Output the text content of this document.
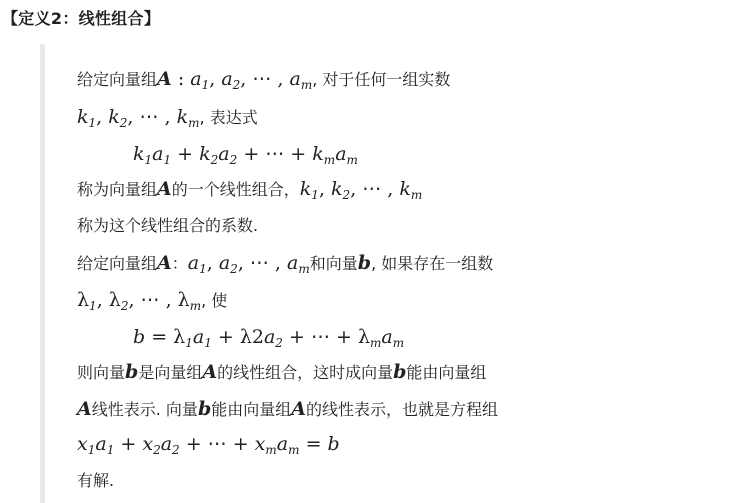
【定义2：线性组合】
给定向量组A : $a_1$, $a_2$, ⋯ , $a_m$, 对于任何一组实数
$k_1$, $k_2$, ⋯ , $k_m$, 表达式
$k_1a_1 + k_2a_2$ + ⋯ + $k_ma_m$
称为向量组A的一个线性组合，$k_1$, $k_2$, ⋯ , $k_m$
称为这个线性组合的系数.
给定向量组A：$a_1$, $a_2$, ⋯ , $a_m$和向量b, 如果存在一组数
$\lambda_1$, $\lambda_2$, ⋯ , $\lambda_m$, 使
$b = \lambda_1a_1 + \lambda 2a_2$ + ⋯ + $\lambda_ma_m$
则向量b是向量组A的线性组合，这时成向量b能由向量组
A线性表示. 向量b能由向量组A的线性表示，也就是方程组
$x_1a_1 + x_2a_2$ + ⋯ + $x_ma_m = b$
有解.
